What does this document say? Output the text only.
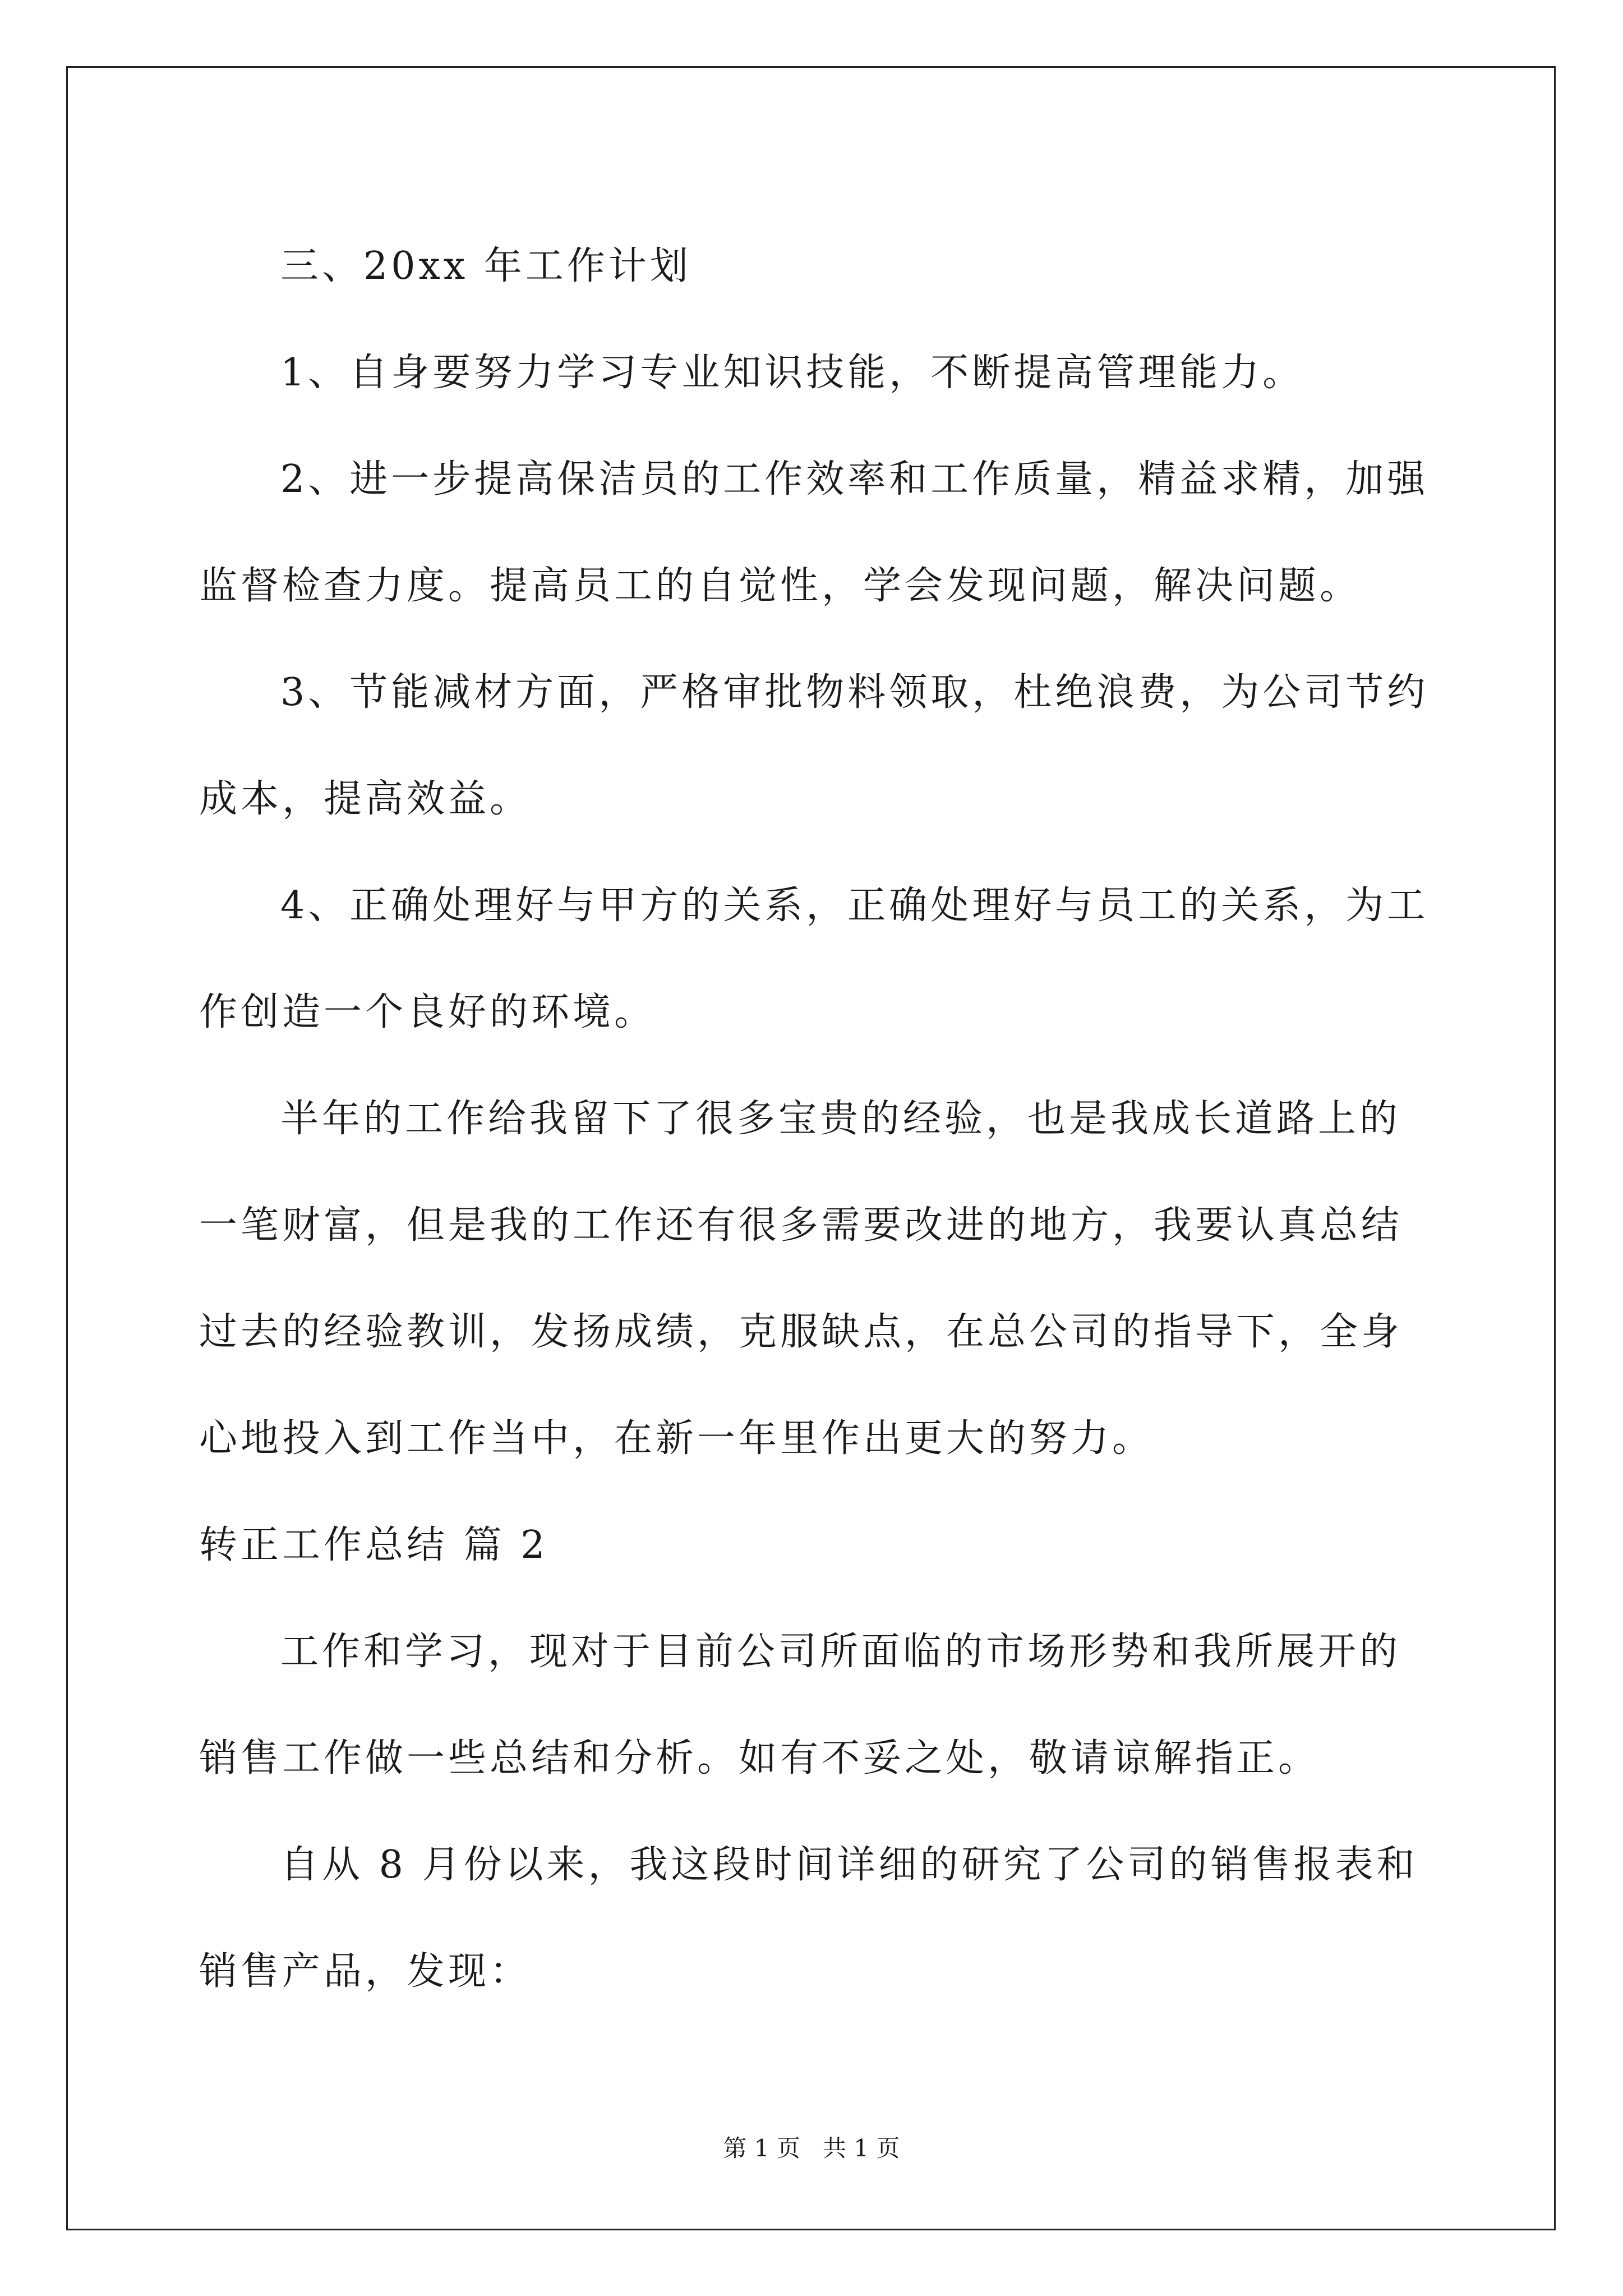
三、20xx 年工作计划

1、自身要努力学习专业知识技能，不断提高管理能力。

2、进一步提高保洁员的工作效率和工作质量，精益求精，加强监督检查力度。提高员工的自觉性，学会发现问题，解决问题。

3、节能减材方面，严格审批物料领取，杜绝浪费，为公司节约成本，提高效益。

4、正确处理好与甲方的关系，正确处理好与员工的关系，为工作创造一个良好的环境。

半年的工作给我留下了很多宝贵的经验，也是我成长道路上的一笔财富，但是我的工作还有很多需要改进的地方，我要认真总结过去的经验教训，发扬成绩，克服缺点，在总公司的指导下，全身心地投入到工作当中，在新一年里作出更大的努力。

转正工作总结 篇 2

工作和学习，现对于目前公司所面临的市场形势和我所展开的销售工作做一些总结和分析。如有不妥之处，敬请谅解指正。

自从 8 月份以来，我这段时间详细的研究了公司的销售报表和销售产品，发现：

第 1 页 共 1 页
